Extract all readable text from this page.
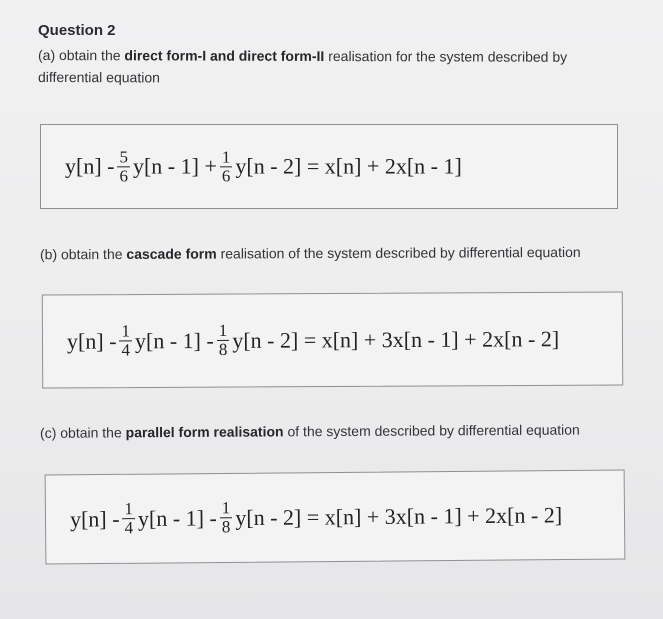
Question 2
(a) obtain the direct form-I and direct form-II realisation for the system described by differential equation
$y[n] - \frac{5}{6} y[n - 1] + \frac{1}{6} y[n - 2] = x[n] + 2x[n - 1]$
(b) obtain the cascade form realisation of the system described by differential equation
$y[n] - \frac{1}{4} y[n - 1] - \frac{1}{8} y[n - 2] = x[n] + 3x[n - 1] + 2x[n - 2]$
(c) obtain the parallel form realisation of the system described by differential equation
$y[n] - \frac{1}{4} y[n - 1] - \frac{1}{8} y[n - 2] = x[n] + 3x[n - 1] + 2x[n - 2]$
